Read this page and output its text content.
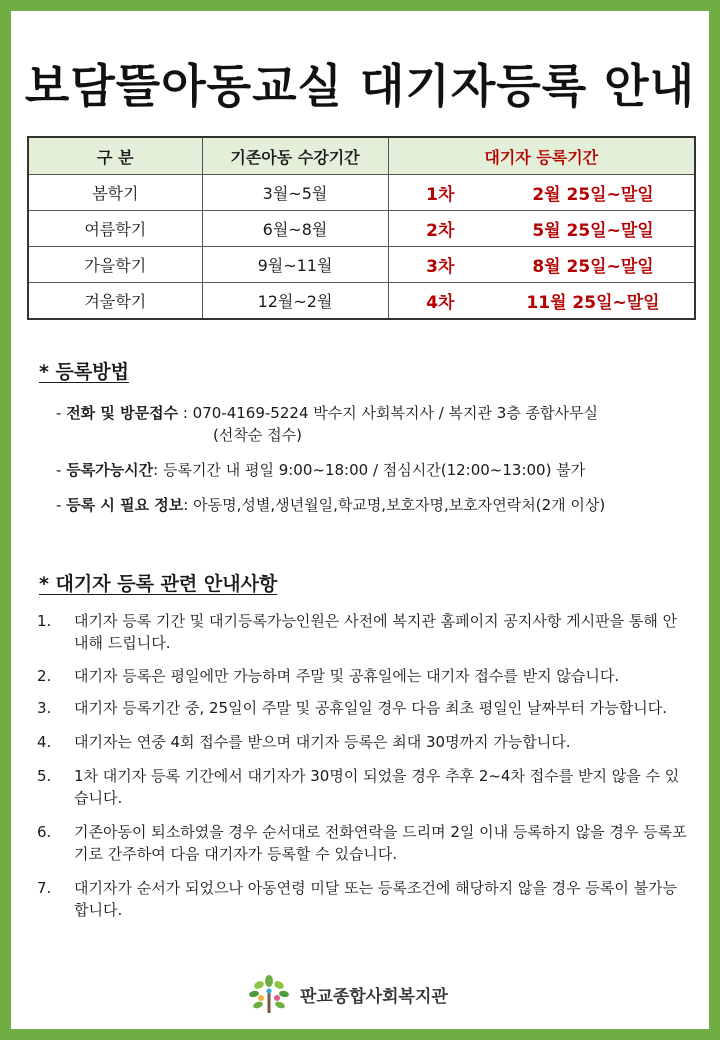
보담뜰아동교실 대기자등록 안내
구 분	기존아동 수강기간	대기자 등록기간	
봄학기	3월~5월	1차	2월 25일~말일
여름학기	6월~8월	2차	5월 25일~말일
가을학기	9월~11월	3차	8월 25일~말일
겨울학기	12월~2월	4차	11월 25일~말일
* 등록방법
- 전화 및 방문접수 : 070-4169-5224 박수지 사회복지사 / 복지관 3층 종합사무실
(선착순 접수)
- 등록가능시간: 등록기간 내 평일 9:00~18:00 / 점심시간(12:00~13:00) 불가
- 등록 시 필요 정보: 아동명,성별,생년월일,학교명,보호자명,보호자연락처(2개 이상)
* 대기자 등록 관련 안내사항
1. 대기자 등록 기간 및 대기등록가능인원은 사전에 복지관 홈페이지 공지사항 게시판을 통해 안내해 드립니다.
2. 대기자 등록은 평일에만 가능하며 주말 및 공휴일에는 대기자 접수를 받지 않습니다.
3. 대기자 등록기간 중, 25일이 주말 및 공휴일일 경우 다음 최초 평일인 날짜부터 가능합니다.
4. 대기자는 연중 4회 접수를 받으며 대기자 등록은 최대 30명까지 가능합니다.
5. 1차 대기자 등록 기간에서 대기자가 30명이 되었을 경우 추후 2~4차 접수를 받지 않을 수 있습니다.
6. 기존아동이 퇴소하였을 경우 순서대로 전화연락을 드리며 2일 이내 등록하지 않을 경우 등록포기로 간주하여 다음 대기자가 등록할 수 있습니다.
7. 대기자가 순서가 되었으나 아동연령 미달 또는 등록조건에 해당하지 않을 경우 등록이 불가능합니다.
판교종합사회복지관
